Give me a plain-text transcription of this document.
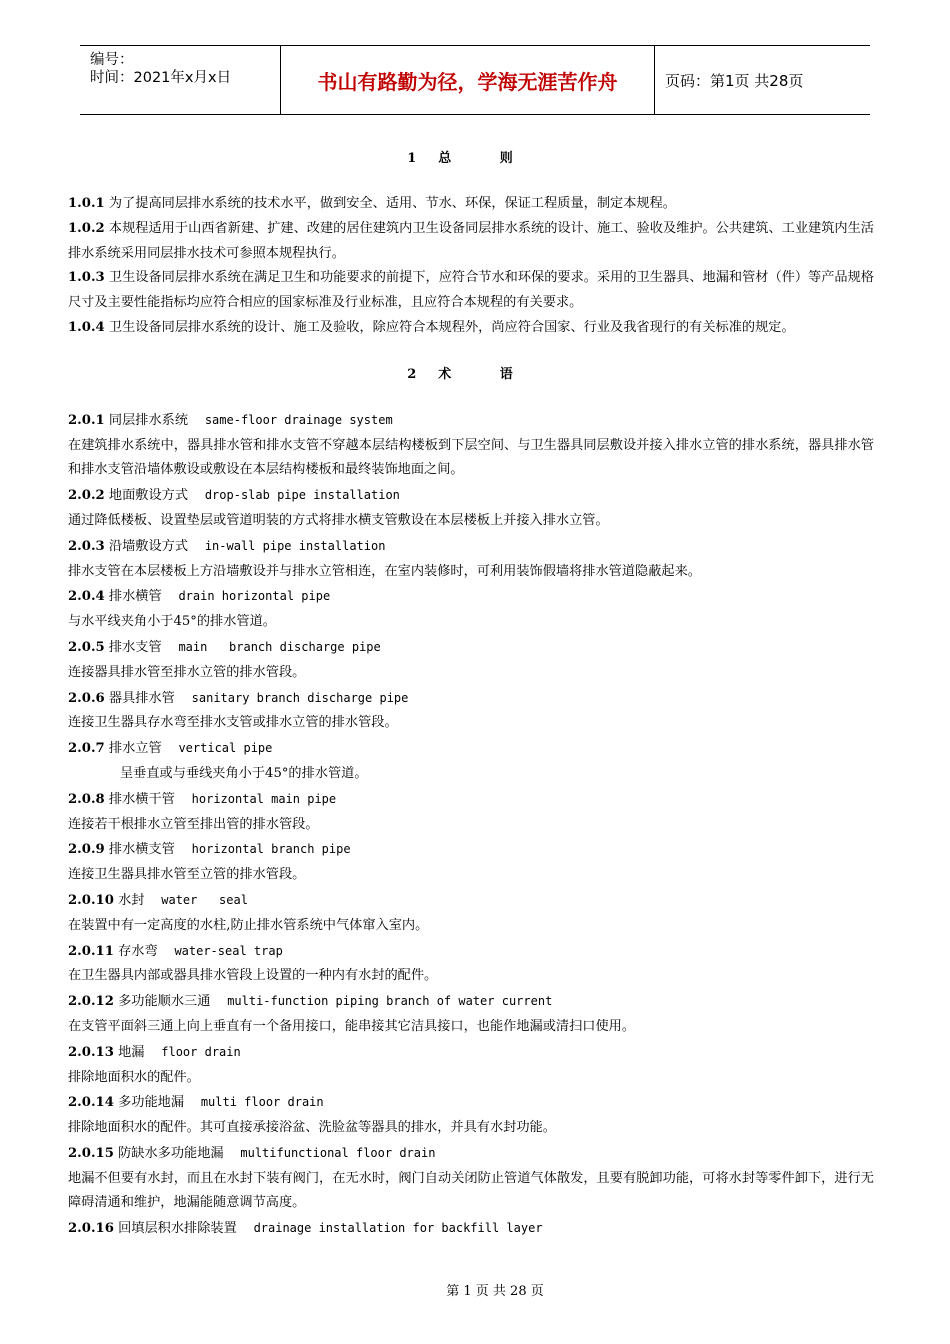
编号：
时间：2021年x月x日	书山有路勤为径，学海无涯苦作舟	页码：第1页 共28页
1 总 则

1.0.1 为了提高同层排水系统的技术水平，做到安全、适用、节水、环保，保证工程质量，制定本规程。

1.0.2 本规程适用于山西省新建、扩建、改建的居住建筑内卫生设备同层排水系统的设计、施工、验收及维护。公共建筑、工业建筑内生活排水系统采用同层排水技术可参照本规程执行。

1.0.3 卫生设备同层排水系统在满足卫生和功能要求的前提下，应符合节水和环保的要求。采用的卫生器具、地漏和管材（件）等产品规格尺寸及主要性能指标均应符合相应的国家标准及行业标准，且应符合本规程的有关要求。

1.0.4 卫生设备同层排水系统的设计、施工及验收，除应符合本规程外，尚应符合国家、行业及我省现行的有关标准的规定。

2 术 语
2.0.1 同层排水系统 same-floor drainage system

在建筑排水系统中，器具排水管和排水支管不穿越本层结构楼板到下层空间、与卫生器具同层敷设并接入排水立管的排水系统，器具排水管和排水支管沿墙体敷设或敷设在本层结构楼板和最终装饰地面之间。

2.0.2 地面敷设方式 drop-slab pipe installation

通过降低楼板、设置垫层或管道明装的方式将排水横支管敷设在本层楼板上并接入排水立管。

2.0.3 沿墙敷设方式 in-wall pipe installation

排水支管在本层楼板上方沿墙敷设并与排水立管相连，在室内装修时，可利用装饰假墙将排水管道隐蔽起来。

2.0.4 排水横管 drain horizontal pipe

与水平线夹角小于45°的排水管道。

2.0.5 排水支管 main   branch discharge pipe

连接器具排水管至排水立管的排水管段。

2.0.6 器具排水管 sanitary branch discharge pipe

连接卫生器具存水弯至排水支管或排水立管的排水管段。

2.0.7 排水立管 vertical pipe

呈垂直或与垂线夹角小于45°的排水管道。

2.0.8 排水横干管 horizontal main pipe

连接若干根排水立管至排出管的排水管段。

2.0.9 排水横支管 horizontal branch pipe

连接卫生器具排水管至立管的排水管段。

2.0.10 水封 water   seal

在装置中有一定高度的水柱,防止排水管系统中气体窜入室内。

2.0.11 存水弯 water-seal trap

在卫生器具内部或器具排水管段上设置的一种内有水封的配件。

2.0.12 多功能顺水三通 multi-function piping branch of water current

在支管平面斜三通上向上垂直有一个备用接口，能串接其它洁具接口，也能作地漏或清扫口使用。

2.0.13 地漏 floor drain

排除地面积水的配件。

2.0.14 多功能地漏 multi floor drain

排除地面积水的配件。其可直接承接浴盆、洗脸盆等器具的排水，并具有水封功能。

2.0.15 防缺水多功能地漏 multifunctional floor drain

地漏不但要有水封，而且在水封下装有阀门，在无水时，阀门自动关闭防止管道气体散发，且要有脱卸功能，可将水封等零件卸下，进行无障碍清通和维护，地漏能随意调节高度。

2.0.16 回填层积水排除装置 drainage installation for backfill layer
第 1 页 共 28 页
